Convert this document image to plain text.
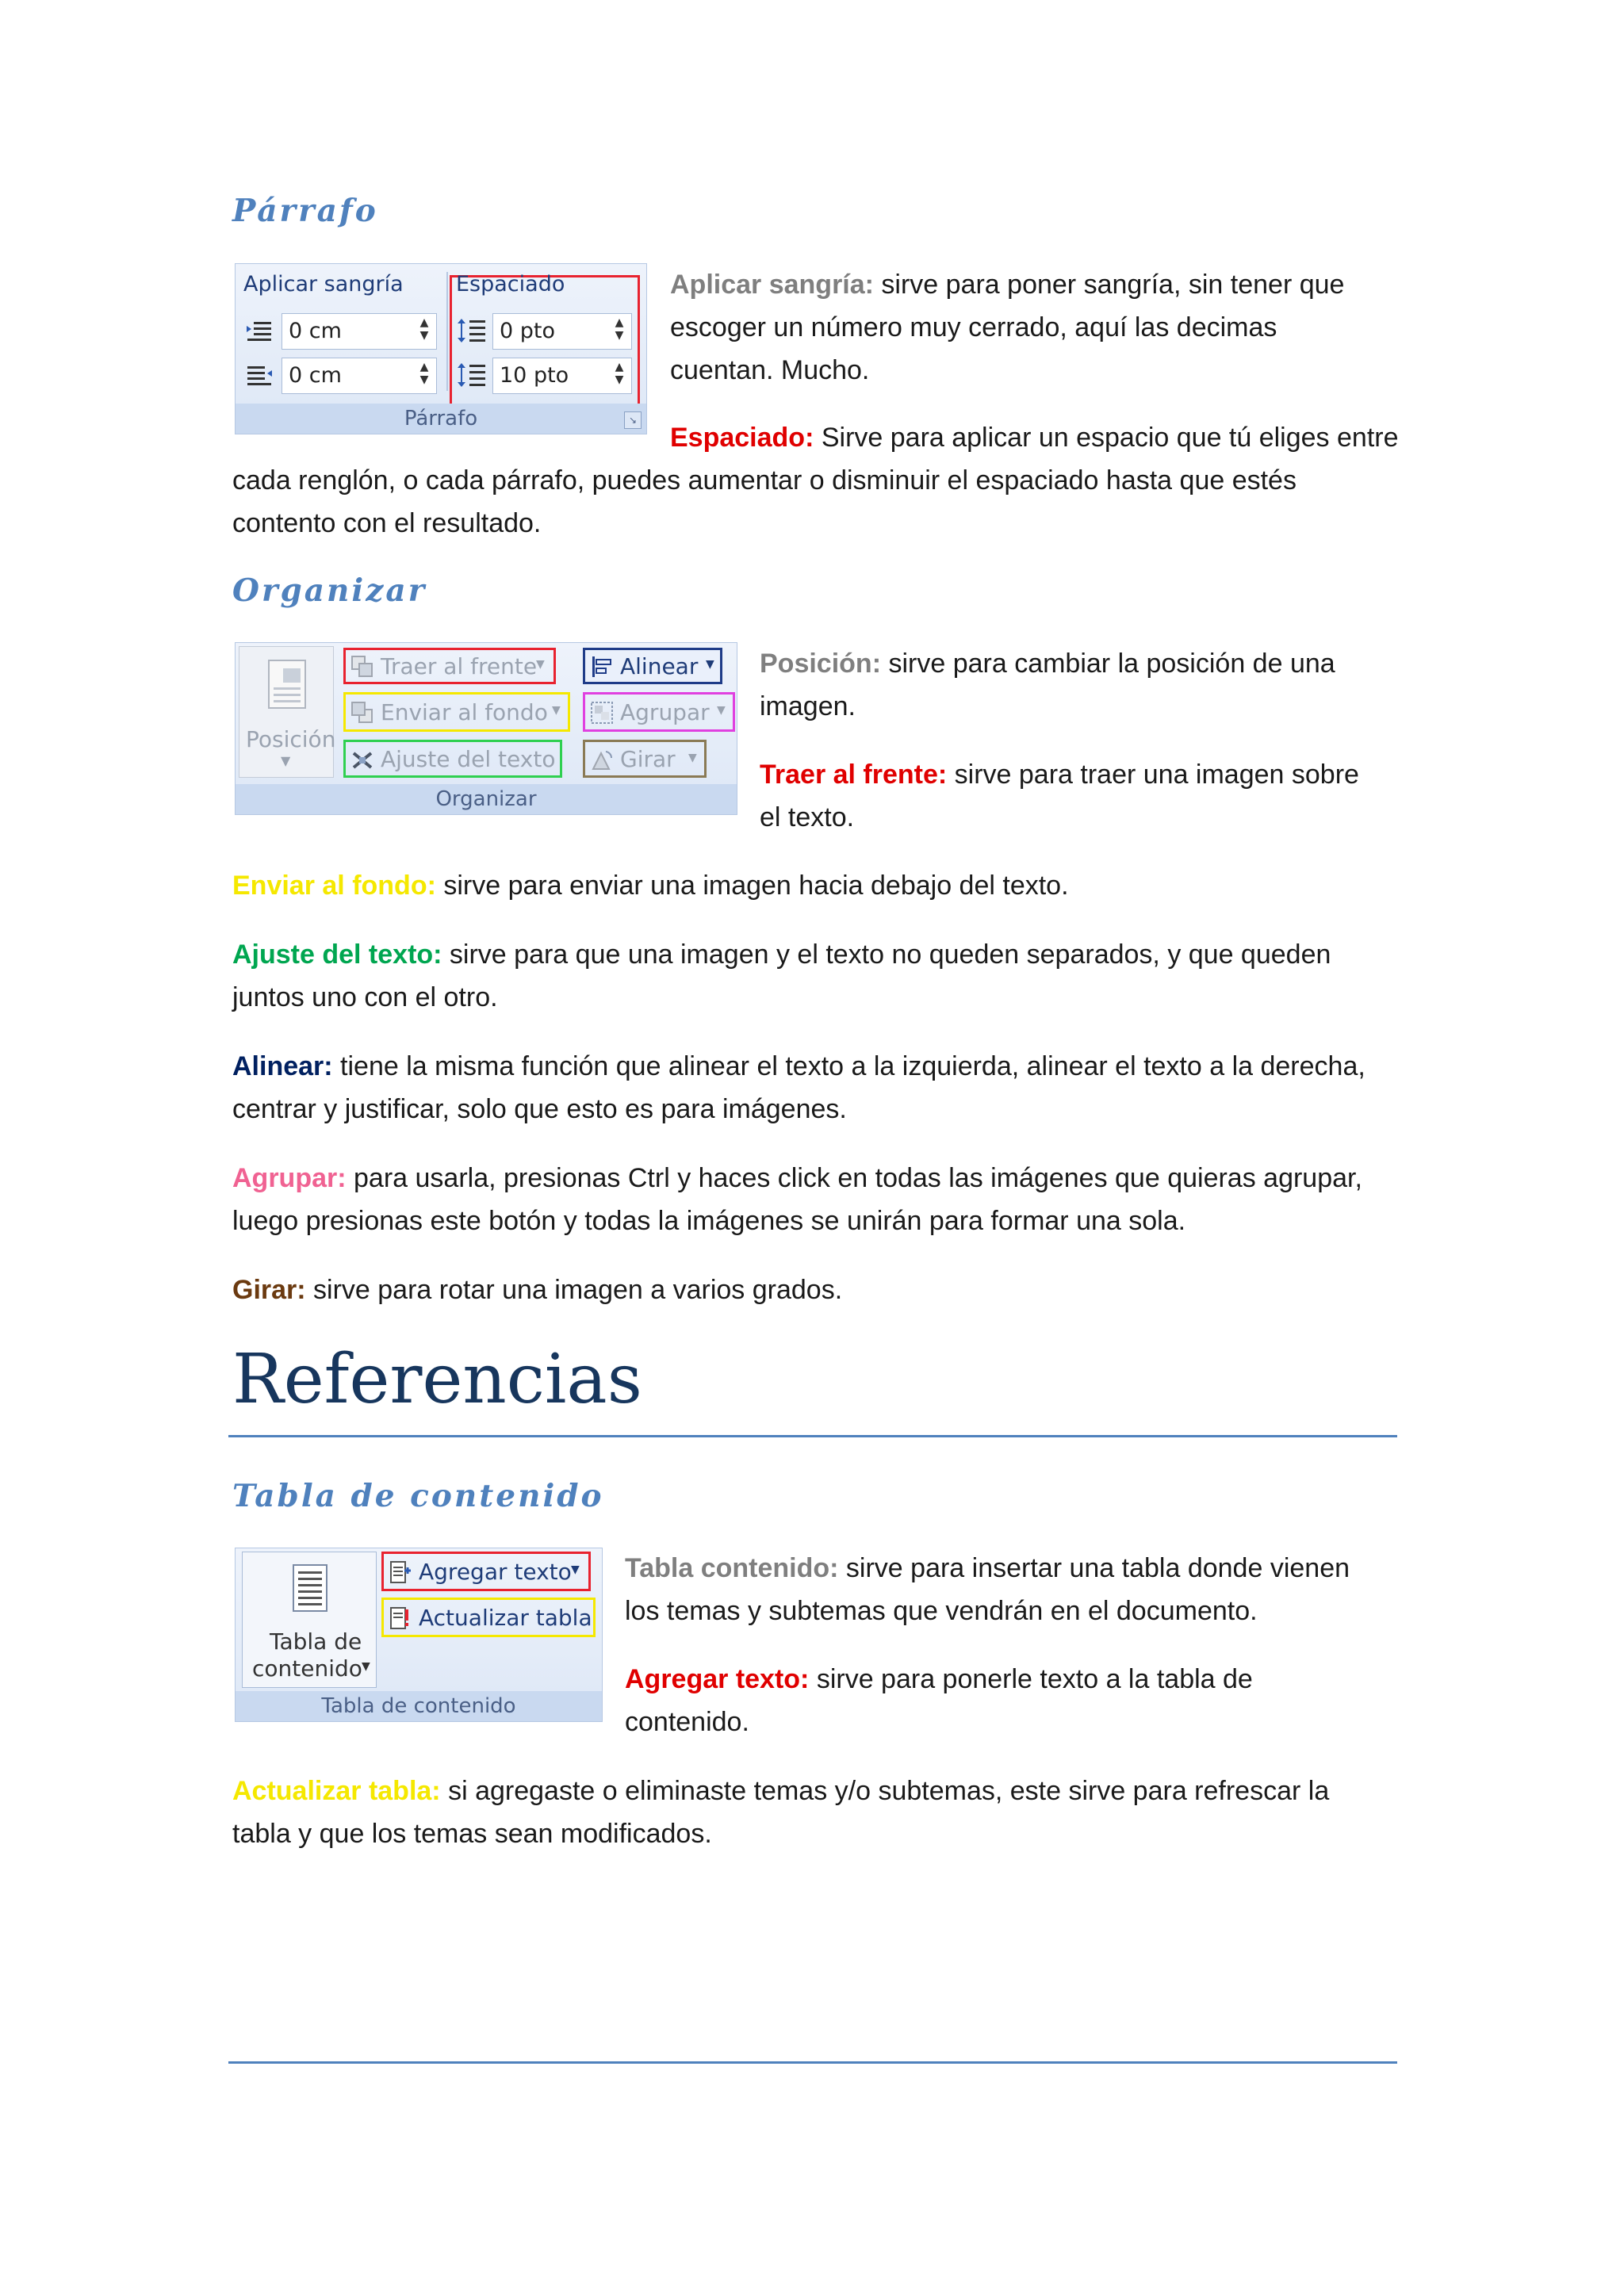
Párrafo
Aplicar sangría
0 cm	▲
▼
0 cm	▲
▼
Espaciado
0 pto	▲
▼
10 pto	▲
▼
Párrafo	↘

Aplicar sangría: sirve para poner sangría, sin tener que
escoger un número muy cerrado, aquí las decimas
cuentan. Mucho.

Espaciado: Sirve para aplicar un espacio que tú eliges entre

cada renglón, o cada párrafo, puedes aumentar o disminuir el espaciado hasta que estés
contento con el resultado.

Organizar
Posición
▼
Traer al frente
▼
Enviar al fondo ▼
Ajuste del texto
Alinear ▼
Agrupar ▼
Girar ▼
Organizar

Posición: sirve para cambiar la posición de una
imagen.

Traer al frente: sirve para traer una imagen sobre
el texto.

Enviar al fondo: sirve para enviar una imagen hacia debajo del texto.

Ajuste del texto: sirve para que una imagen y el texto no queden separados, y que queden
juntos uno con el otro.

Alinear: tiene la misma función que alinear el texto a la izquierda, alinear el texto a la derecha,
centrar y justificar, solo que esto es para imágenes.

Agrupar: para usarla, presionas Ctrl y haces click en todas las imágenes que quieras agrupar,
luego presionas este botón y todas la imágenes se unirán para formar una sola.

Girar: sirve para rotar una imagen a varios grados.

Referencias
Tabla de contenido
Tabla de
contenido ▼
Agregar texto ▼
Actualizar tabla
Tabla de contenido

Tabla contenido: sirve para insertar una tabla donde vienen
los temas y subtemas que vendrán en el documento.

Agregar texto: sirve para ponerle texto a la tabla de
contenido.

Actualizar tabla: si agregaste o eliminaste temas y/o subtemas, este sirve para refrescar la
tabla y que los temas sean modificados.
